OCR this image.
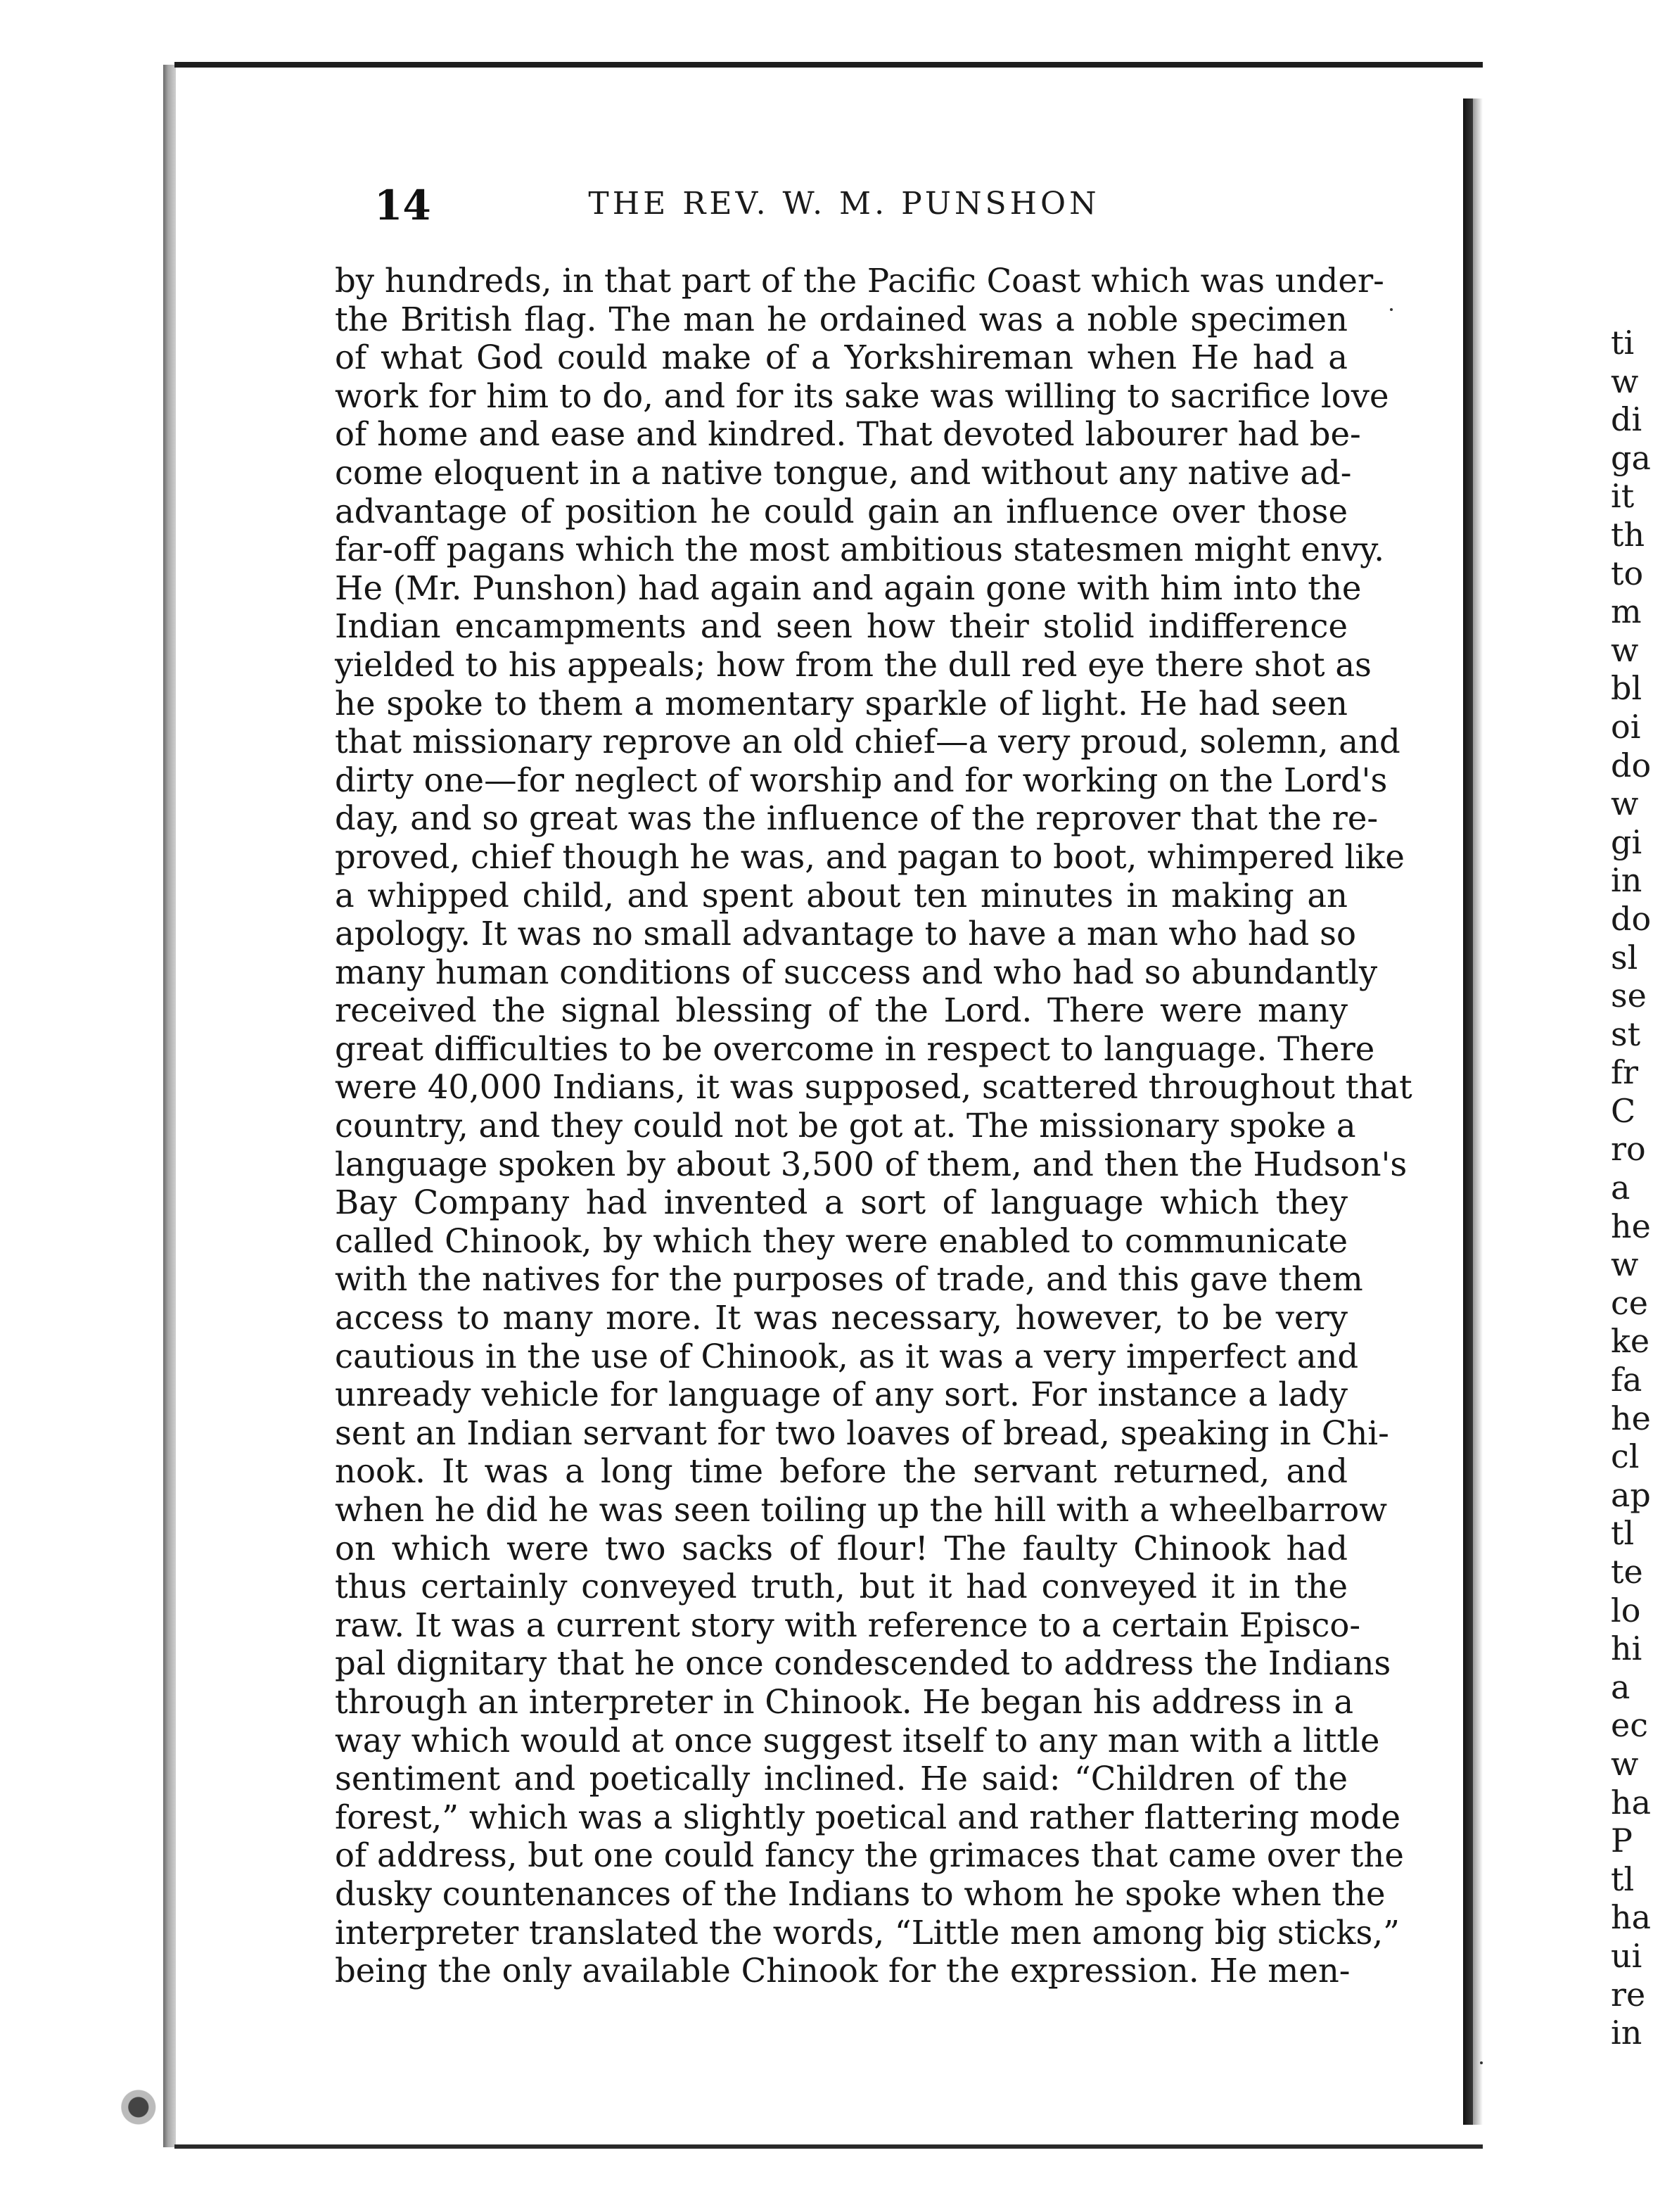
14	THE REV. W. M. PUNSHON
by hundreds, in that part of the Pacific Coast which was under-
the British flag. The man he ordained was a noble specimen
of what God could make of a Yorkshireman when He had a
work for him to do, and for its sake was willing to sacrifice love
of home and ease and kindred. That devoted labourer had be-
come eloquent in a native tongue, and without any native ad-
advantage of position he could gain an influence over those
far-off pagans which the most ambitious statesmen might envy.
He (Mr. Punshon) had again and again gone with him into the
Indian encampments and seen how their stolid indifference
yielded to his appeals; how from the dull red eye there shot as
he spoke to them a momentary sparkle of light. He had seen
that missionary reprove an old chief—a very proud, solemn, and
dirty one—for neglect of worship and for working on the Lord's
day, and so great was the influence of the reprover that the re-
proved, chief though he was, and pagan to boot, whimpered like
a whipped child, and spent about ten minutes in making an
apology. It was no small advantage to have a man who had so
many human conditions of success and who had so abundantly
received the signal blessing of the Lord. There were many
great difficulties to be overcome in respect to language. There
were 40,000 Indians, it was supposed, scattered throughout that
country, and they could not be got at. The missionary spoke a
language spoken by about 3,500 of them, and then the Hudson's
Bay Company had invented a sort of language which they
called Chinook, by which they were enabled to communicate
with the natives for the purposes of trade, and this gave them
access to many more. It was necessary, however, to be very
cautious in the use of Chinook, as it was a very imperfect and
unready vehicle for language of any sort. For instance a lady
sent an Indian servant for two loaves of bread, speaking in Chi-
nook. It was a long time before the servant returned, and
when he did he was seen toiling up the hill with a wheelbarrow
on which were two sacks of flour! The faulty Chinook had
thus certainly conveyed truth, but it had conveyed it in the
raw. It was a current story with reference to a certain Episco-
pal dignitary that he once condescended to address the Indians
through an interpreter in Chinook. He began his address in a
way which would at once suggest itself to any man with a little
sentiment and poetically inclined. He said: “Children of the
forest,” which was a slightly poetical and rather flattering mode
of address, but one could fancy the grimaces that came over the
dusky countenances of the Indians to whom he spoke when the
interpreter translated the words, “Little men among big sticks,”
being the only available Chinook for the expression. He men-
ti
w
di
ga
it
th
to
m
w
bl
oi
do
w
gi
in
do
sl
se
st
fr
C
ro
a
he
w
ce
ke
fa
he
cl
ap
tl
te
lo
hi
a
ec
w
ha
P
tl
ha
ui
re
in
